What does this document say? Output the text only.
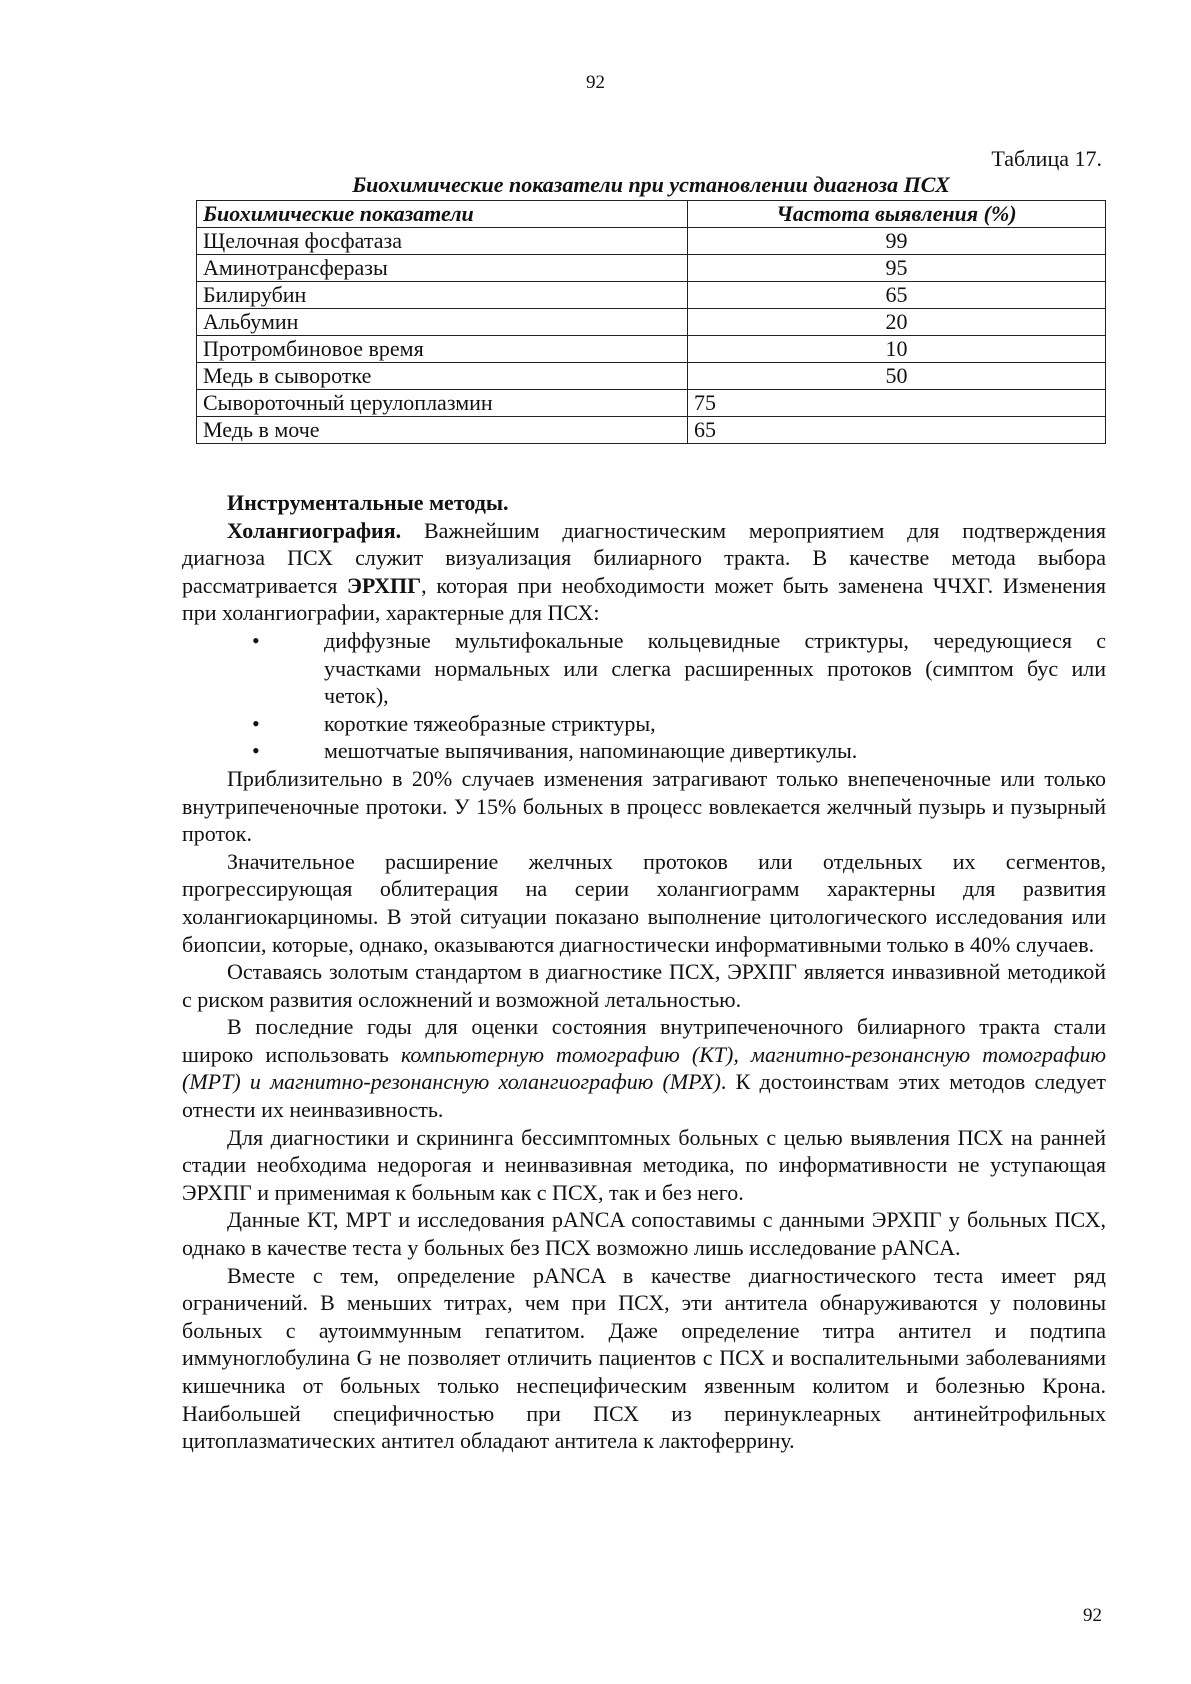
92
Таблица 17.
Биохимические показатели при установлении диагноза ПСХ
Биохимические показатели	Частота выявления (%)
Щелочная фосфатаза	99
Аминотрансферазы	95
Билирубин	65
Альбумин	20
Протромбиновое время	10
Медь в сыворотке	50
Сывороточный церулоплазмин	75
Медь в моче	65

Инструментальные методы.

Холангиография. Важнейшим диагностическим мероприятием для подтверждения диагноза ПСХ служит визуализация билиарного тракта. В качестве метода выбора рассматривается ЭРХПГ, которая при необходимости может быть заменена ЧЧХГ. Изменения при холангиографии, характерные для ПСХ:

•	диффузные мультифокальные кольцевидные стриктуры, чередующиеся с участками нормальных или слегка расширенных протоков (симптом бус или четок),
•	короткие тяжеобразные стриктуры,
•	мешотчатые выпячивания, напоминающие дивертикулы.

Приблизительно в 20% случаев изменения затрагивают только внепеченочные или только внутрипеченочные протоки. У 15% больных в процесс вовлекается желчный пузырь и пузырный проток.

Значительное расширение желчных протоков или отдельных их сегментов, прогрессирующая облитерация на серии холангиограмм характерны для развития холангиокарциномы. В этой ситуации показано выполнение цитологического исследования или биопсии, которые, однако, оказываются диагностически информативными только в 40% случаев.

Оставаясь золотым стандартом в диагностике ПСХ, ЭРХПГ является инвазивной методикой с риском развития осложнений и возможной летальностью.

В последние годы для оценки состояния внутрипеченочного билиарного тракта стали широко использовать компьютерную томографию (КТ), магнитно-резонансную томографию (МРТ) и магнитно-резонансную холангиографию (МРХ). К достоинствам этих методов следует отнести их неинвазивность.

Для диагностики и скрининга бессимптомных больных с целью выявления ПСХ на ранней стадии необходима недорогая и неинвазивная методика, по информативности не уступающая ЭРХПГ и применимая к больным как с ПСХ, так и без него.

Данные КТ, МРТ и исследования pANCA сопоставимы с данными ЭРХПГ у больных ПСХ, однако в качестве теста у больных без ПСХ возможно лишь исследование pANCA.

Вместе с тем, определение pANCA в качестве диагностического теста имеет ряд ограничений. В меньших титрах, чем при ПСХ, эти антитела обнаруживаются у половины больных с аутоиммунным гепатитом. Даже определение титра антител и подтипа иммуноглобулина G не позволяет отличить пациентов с ПСХ и воспалительными заболеваниями кишечника от больных только неспецифическим язвенным колитом и болезнью Крона. Наибольшей специфичностью при ПСХ из перинуклеарных антинейтрофильных цитоплазматических антител обладают антитела к лактоферрину.

92
